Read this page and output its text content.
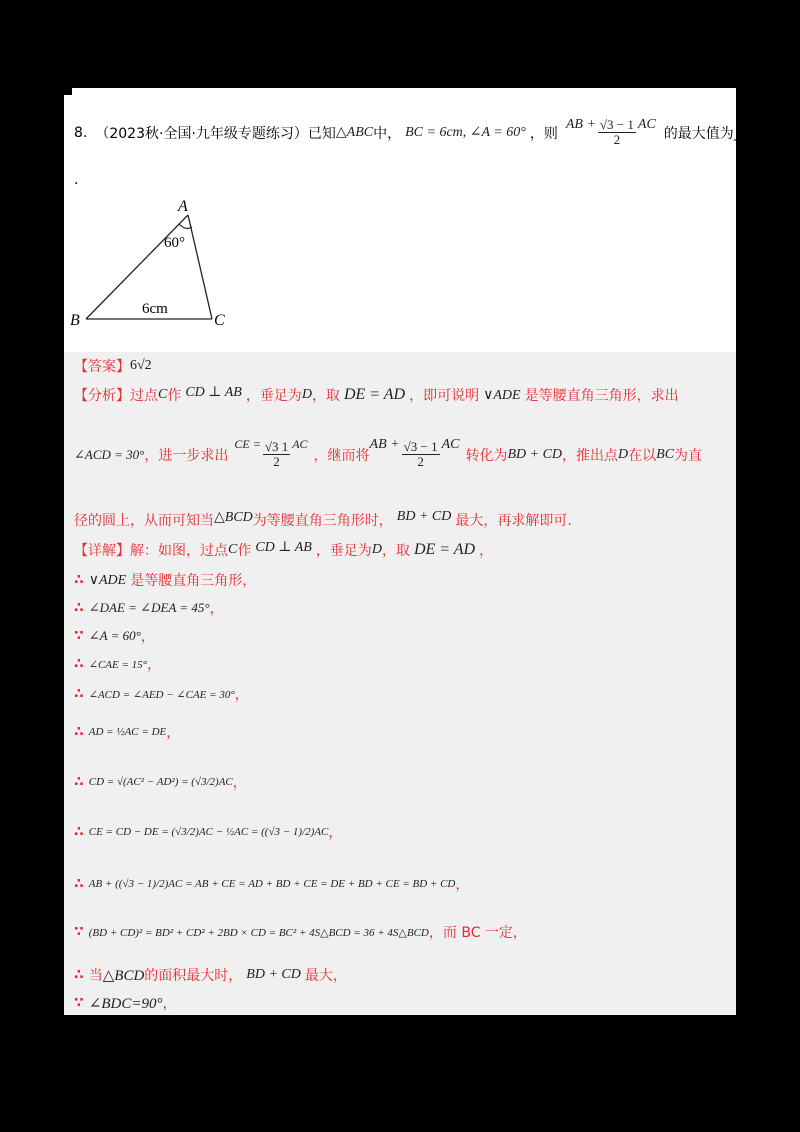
8. （2023秋·全国·九年级专题练习） 已知 △ABC 中， BC = 6cm, ∠A = 60° ，则
AB + $\frac{√3 - 1}{2}$ AC
的最大值为 _
.
A
B	C
60°
6cm
【答案】 6√2
【分析】 过点 C 作 CD ⊥ AB ，垂足为 D ，取 DE = AD ，即可说明 ∨ADE 是等腰直角三角形，求出
∠ACD = 30° ，进一步求出
CE = $\frac{√3 1}{2}$ AC
，继而将
AB + $\frac{√3 - 1}{2}$ AC
转化为 BD + CD ，推出点 D 在以 BC 为直
径的圆上，从而可知当 △BCD 为等腰直角三角形时， BD + CD 最大，再求解即可.
【详解】 解：如图，过点 C 作 CD ⊥ AB ，垂足为 D ，取 DE = AD ，
∴ ∨ADE 是等腰直角三角形，
∴ ∠DAE = ∠DEA = 45° ，
∵ ∠A = 60° ，
∴ ∠CAE = 15° ，
∴ ∠ACD = ∠AED − ∠CAE = 30° ，
∴ AD = ½AC = DE ，
∴ CD = √(AC² − AD²) = (√3/2)AC ，
∴ CE = CD − DE = (√3/2)AC − ½AC = ((√3 − 1)/2)AC ，
∴ AB + ((√3 − 1)/2)AC = AB + CE = AD + BD + CE = DE + BD + CE = BD + CD ，
∵ (BD + CD)² = BD² + CD² + 2BD × CD = BC² + 4S△BCD = 36 + 4S△BCD ，而 BC 一定，
∴ 当 △BCD 的面积最大时， BD + CD 最大，
∵ ∠BDC=90° ，
